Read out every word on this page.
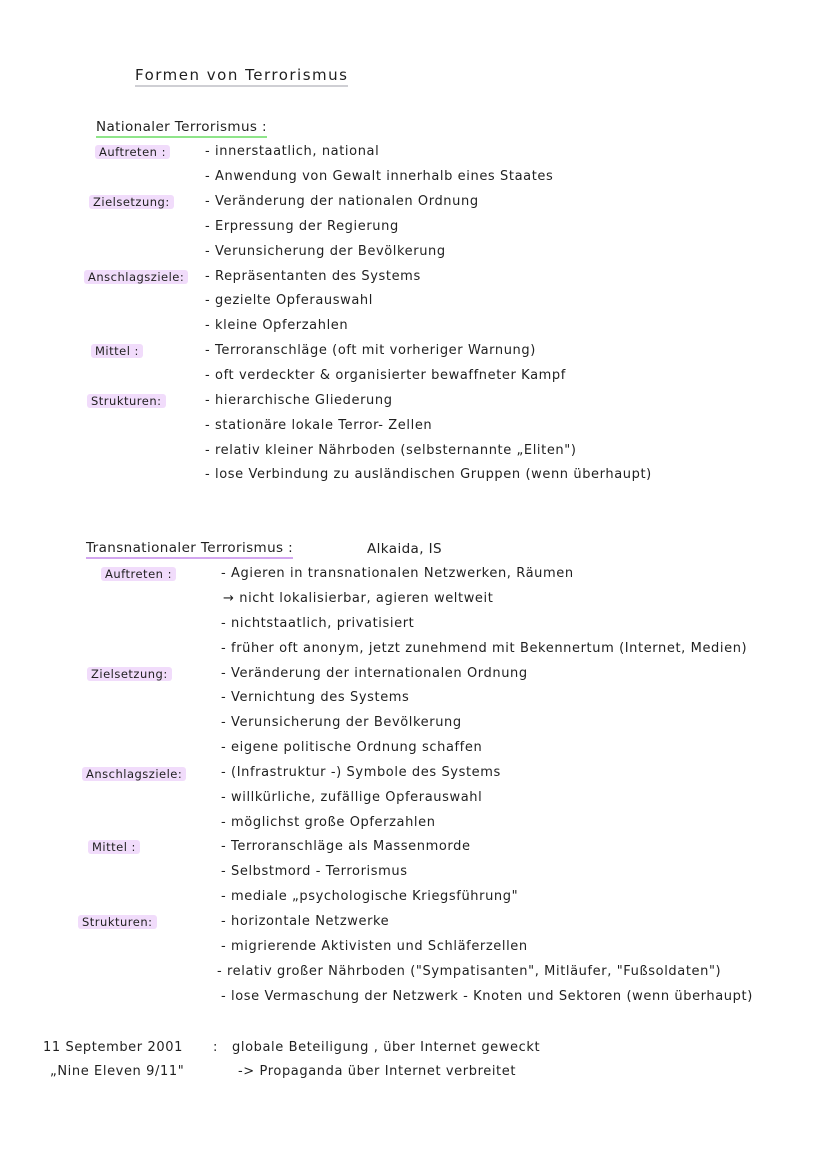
Formen von Terrorismus
Nationaler Terrorismus :
Auftreten :
Zielsetzung:
Anschlagsziele:
Mittel :
Strukturen:
- innerstaatlich, national
- Anwendung von Gewalt innerhalb eines Staates
- Veränderung der nationalen Ordnung
- Erpressung der Regierung
- Verunsicherung der Bevölkerung
- Repräsentanten des Systems
- gezielte Opferauswahl
- kleine Opferzahlen
- Terroranschläge (oft mit vorheriger Warnung)
- oft verdeckter & organisierter bewaffneter Kampf
- hierarchische Gliederung
- stationäre lokale Terror- Zellen
- relativ kleiner Nährboden (selbsternannte „Eliten")
- lose Verbindung zu ausländischen Gruppen (wenn überhaupt)
Transnationaler Terrorismus :	Alkaida, IS
Auftreten :
Zielsetzung:
Anschlagsziele:
Mittel :
Strukturen:
- Agieren in transnationalen Netzwerken, Räumen
→ nicht lokalisierbar, agieren weltweit
- nichtstaatlich, privatisiert
- früher oft anonym, jetzt zunehmend mit Bekennertum (Internet, Medien)
- Veränderung der internationalen Ordnung
- Vernichtung des Systems
- Verunsicherung der Bevölkerung
- eigene politische Ordnung schaffen
- (Infrastruktur -) Symbole des Systems
- willkürliche, zufällige Opferauswahl
- möglichst große Opferzahlen
- Terroranschläge als Massenmorde
- Selbstmord - Terrorismus
- mediale „psychologische Kriegsführung"
- horizontale Netzwerke
- migrierende Aktivisten und Schläferzellen
- relativ großer Nährboden ("Sympatisanten", Mitläufer, "Fußsoldaten")
- lose Vermaschung der Netzwerk - Knoten und Sektoren (wenn überhaupt)
11 September 2001
„Nine Eleven 9/11"
: globale Beteiligung , über Internet geweckt
-> Propaganda über Internet verbreitet
